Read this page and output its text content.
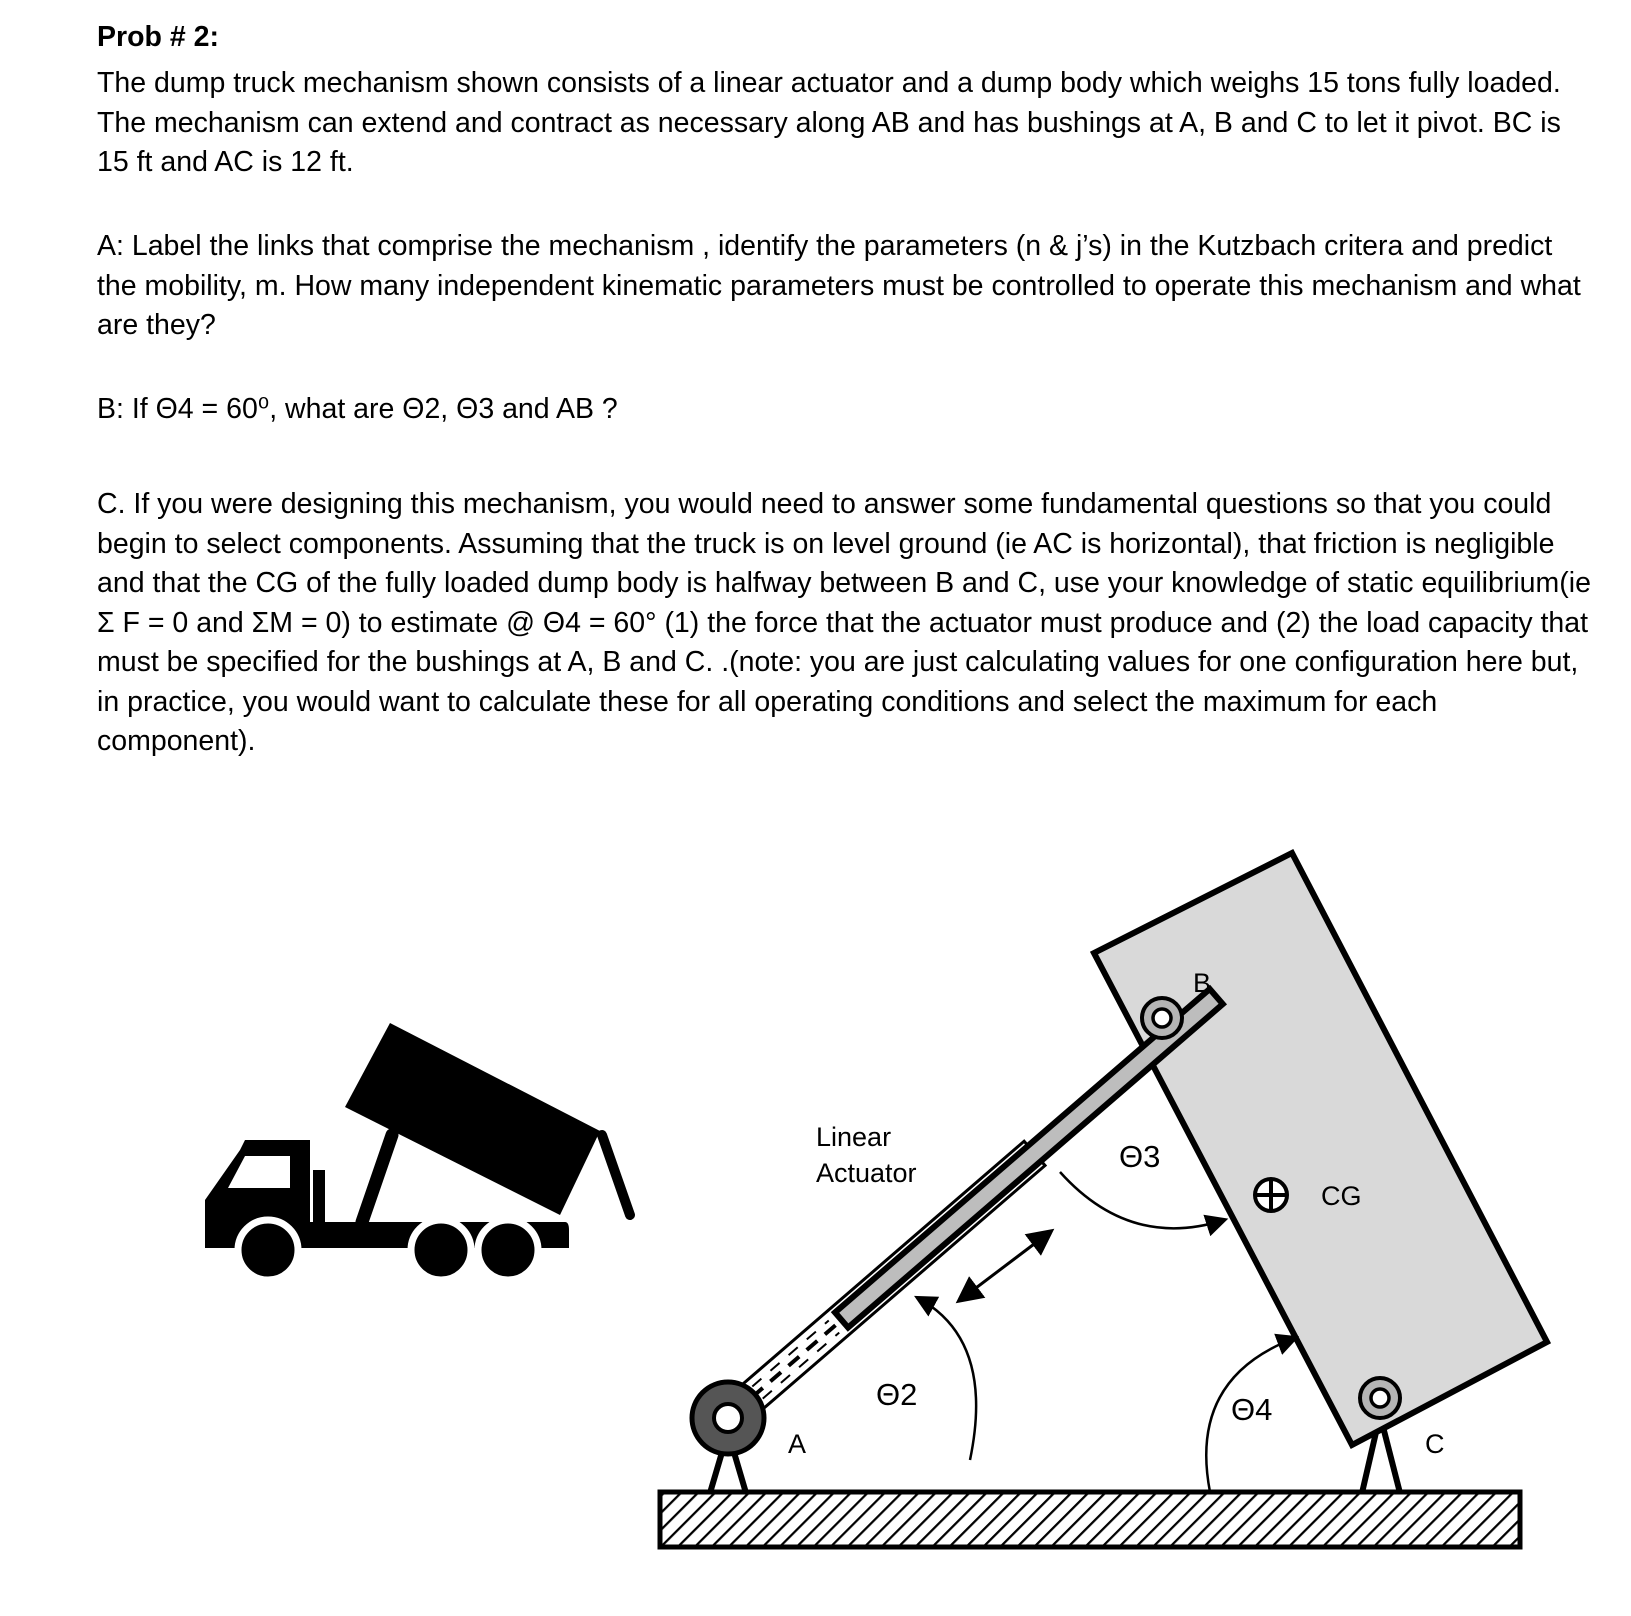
Prob # 2:

The dump truck mechanism shown consists of a linear actuator and a dump body which weighs 15 tons fully loaded. The mechanism can extend and contract as necessary along AB and has bushings at A, B and C to let it pivot. BC is 15 ft and AC is 12 ft.

A: Label the links that comprise the mechanism , identify the parameters (n & j’s) in the Kutzbach critera and predict the mobility, m. How many independent kinematic parameters must be controlled to operate this mechanism and what are they?

B: If Θ4 = 60⁰, what are Θ2, Θ3 and AB ?

C. If you were designing this mechanism, you would need to answer some fundamental questions so that you could begin to select components. Assuming that the truck is on level ground (ie AC is horizontal), that friction is negligible and that the CG of the fully loaded dump body is halfway between B and C, use your knowledge of static equilibrium(ie Σ F = 0 and ΣM = 0) to estimate @ Θ4 = 60° (1) the force that the actuator must produce and (2) the load capacity that must be specified for the bushings at A, B and C. .(note: you are just calculating values for one configuration here but, in practice, you would want to calculate these for all operating conditions and select the maximum for each component).

Linear
Actuator	Θ3
Θ2	Θ4
B
CG
A	C
